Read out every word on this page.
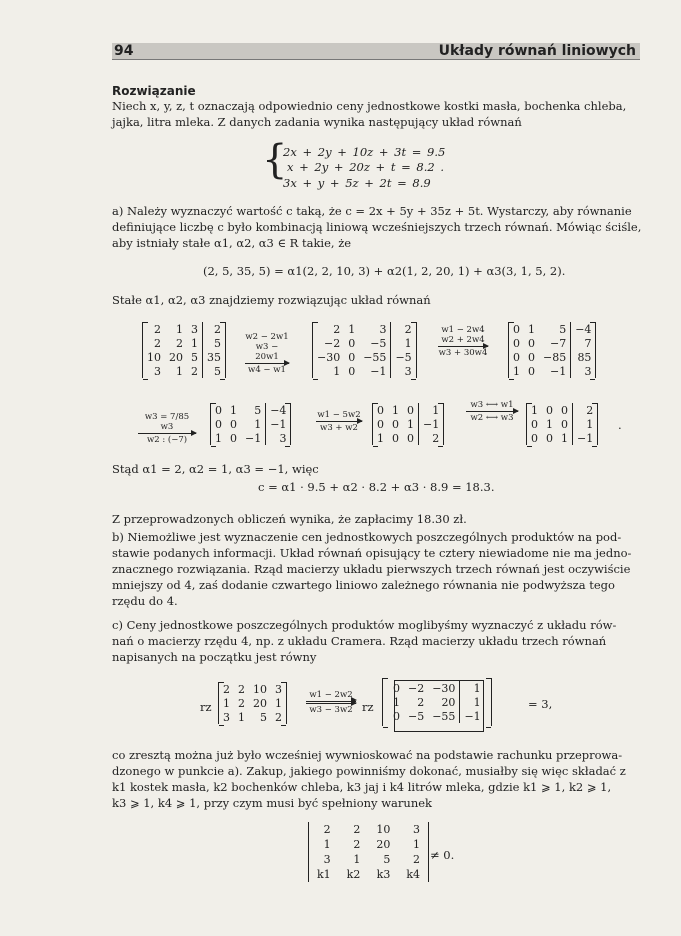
94	Układy równań liniowych
Rozwiązanie
Niech x, y, z, t oznaczają odpowiednio ceny jednostkowe kostki masła, bochenka chleba,
jajka, litra mleka. Z danych zadania wynika następujący układ równań
{
2x + 2y + 10z + 3t = 9.5
x + 2y + 20z + t = 8.2 .
3x + y + 5z + 2t = 8.9
a) Należy wyznaczyć wartość c taką, że c = 2x + 5y + 35z + 5t. Wystarczy, aby równanie
definiujące liczbę c było kombinacją liniową wcześniejszych trzech równań. Mówiąc ściśle,
aby istniały stałe α1, α2, α3 ∈ R takie, że
(2, 5, 35, 5) = α1(2, 2, 10, 3) + α2(1, 2, 20, 1) + α3(3, 1, 5, 2).
Stałe α1, α2, α3 znajdziemy rozwiązując układ równań
2	1	3	2
2	2	1	5
10	20	5	35
3	1	2	5
w2 − 2w1
w3 − 20w1
w4 − w1
2	1	3	2
−2	0	−5	1
−30	0	−55	−5
1	0	−1	3
w1 − 2w4
w2 + 2w4
w3 + 30w4
0	1	5	−4
0	0	−7	7
0	0	−85	85
1	0	−1	3
w3 = 7/85 w3
w2 : (−7)
0	1	5	−4
0	0	1	−1
1	0	−1	3
w1 − 5w2
w3 + w2
0	1	0	1
0	0	1	−1
1	0	0	2
w3 ⟷ w1
w2 ⟷ w3
1	0	0	2
0	1	0	1
0	0	1	−1
.
Stąd α1 = 2, α2 = 1, α3 = −1, więc
c = α1 · 9.5 + α2 · 8.2 + α3 · 8.9 = 18.3.
Z przeprowadzonych obliczeń wynika, że zapłacimy 18.30 zł.
b) Niemożliwe jest wyznaczenie cen jednostkowych poszczególnych produktów na pod-
stawie podanych informacji. Układ równań opisujący te cztery niewiadome nie ma jedno-
znacznego rozwiązania. Rząd macierzy układu pierwszych trzech równań jest oczywiście
mniejszy od 4, zaś dodanie czwartego liniowo zależnego równania nie podwyższa tego
rzędu do 4.
c) Ceny jednostkowe poszczególnych produktów moglibyśmy wyznaczyć z układu rów-
nań o macierzy rzędu 4, np. z układu Cramera. Rząd macierzy układu trzech równań
napisanych na początku jest równy
rz
2	2	10	3
1	2	20	1
3	1	5	2
w1 − 2w2
w3 − 3w2 rz
0	−2	−30	1
1	2	20	1
0	−5	−55	−1
= 3,
co zresztą można już było wcześniej wywnioskować na podstawie rachunku przeprowa-
dzonego w punkcie a). Zakup, jakiego powinniśmy dokonać, musiałby się więc składać z
k1 kostek masła, k2 bochenków chleba, k3 jaj i k4 litrów mleka, gdzie k1 ⩾ 1, k2 ⩾ 1,
k3 ⩾ 1, k4 ⩾ 1, przy czym musi być spełniony warunek
2	2	10	3
1	2	20	1
3	1	5	2
k1	k2	k3	k4
≠ 0.
